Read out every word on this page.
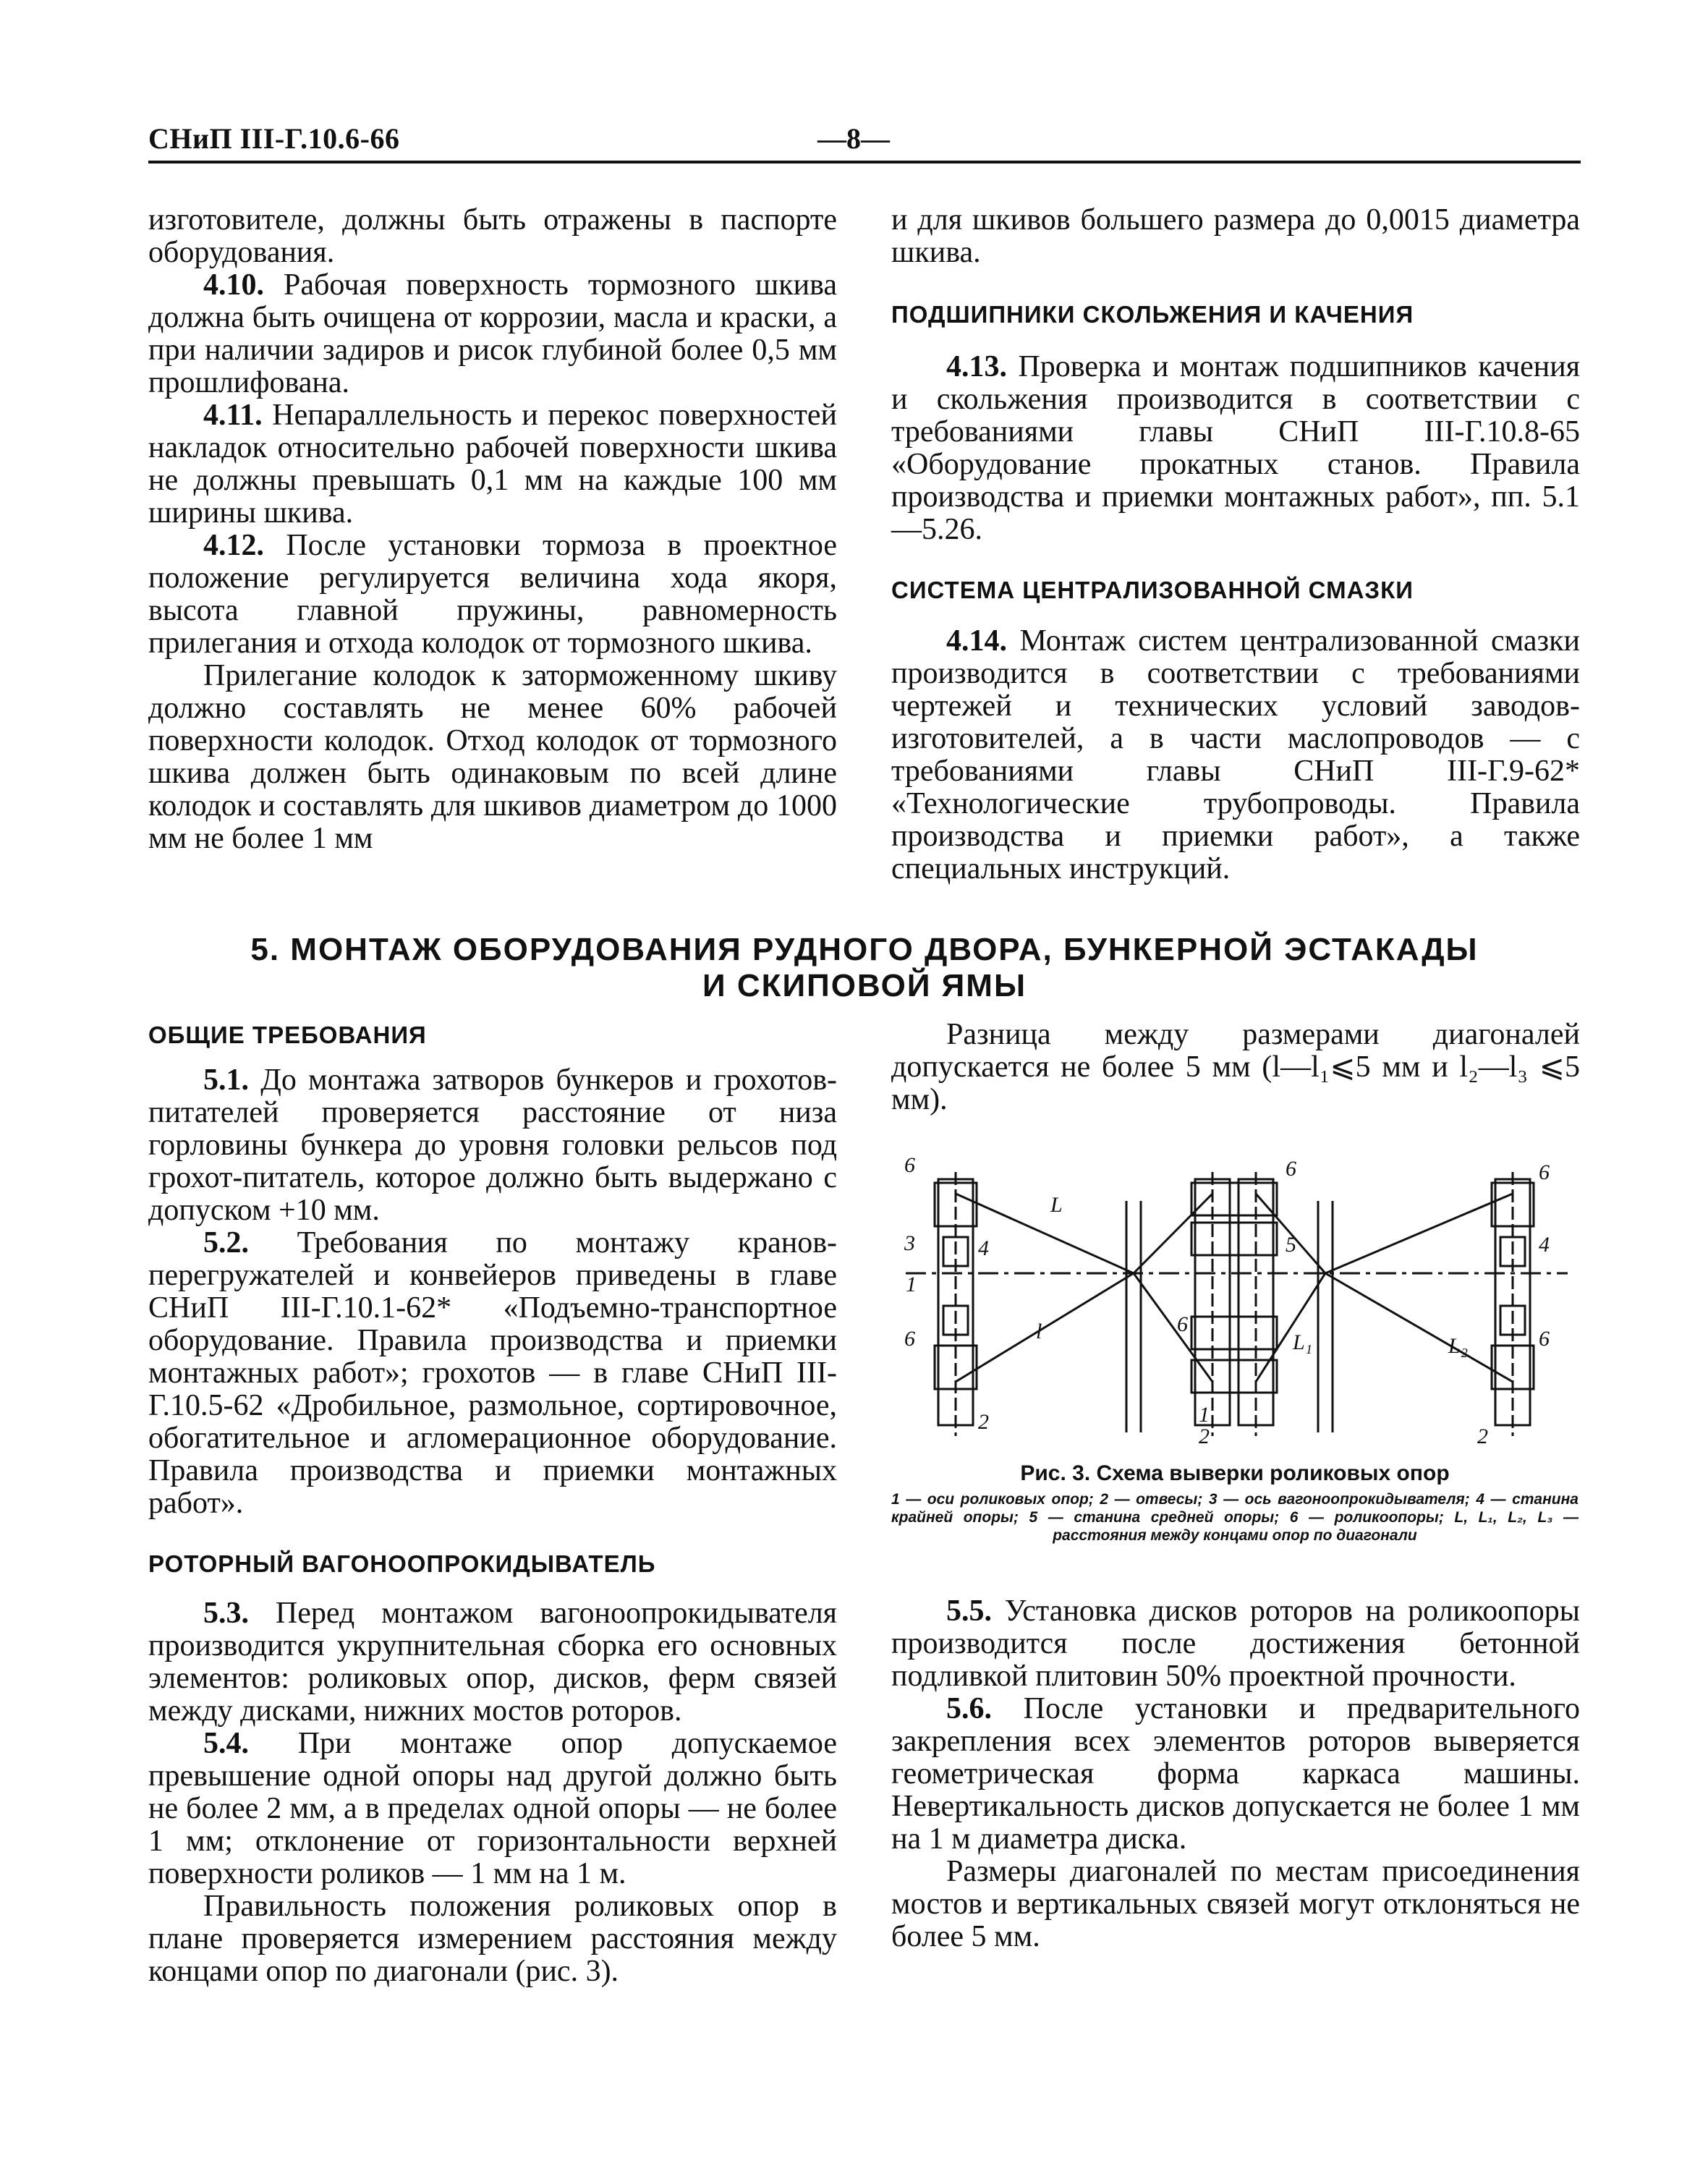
СНиП III-Г.10.6-66	—8—

изготовителе, должны быть отражены в паспорте оборудования.

4.10. Рабочая поверхность тормозного шкива должна быть очищена от коррозии, масла и краски, а при наличии задиров и рисок глубиной более 0,5 мм прошлифована.

4.11. Непараллельность и перекос поверхностей накладок относительно рабочей поверхности шкива не должны превышать 0,1 мм на каждые 100 мм ширины шкива.

4.12. После установки тормоза в проектное положение регулируется величина хода якоря, высота главной пружины, равномерность прилегания и отхода колодок от тормозного шкива.

Прилегание колодок к заторможенному шкиву должно составлять не менее 60% рабочей поверхности колодок. Отход колодок от тормозного шкива должен быть одинаковым по всей длине колодок и составлять для шкивов диаметром до 1000 мм не более 1 мм

и для шкивов большего размера до 0,0015 диаметра шкива.

ПОДШИПНИКИ СКОЛЬЖЕНИЯ И КАЧЕНИЯ

4.13. Проверка и монтаж подшипников качения и скольжения производится в соответствии с требованиями главы СНиП III-Г.10.8-65 «Оборудование прокатных станов. Правила производства и приемки монтажных работ», пп. 5.1—5.26.

СИСТЕМА ЦЕНТРАЛИЗОВАННОЙ СМАЗКИ

4.14. Монтаж систем централизованной смазки производится в соответствии с требованиями чертежей и технических условий заводов-изготовителей, а в части маслопроводов — с требованиями главы СНиП III-Г.9-62* «Технологические трубопроводы. Правила производства и приемки работ», а также специальных инструкций.

5. МОНТАЖ ОБОРУДОВАНИЯ РУДНОГО ДВОРА, БУНКЕРНОЙ ЭСТАКАДЫ
И СКИПОВОЙ ЯМЫ

ОБЩИЕ ТРЕБОВАНИЯ

5.1. До монтажа затворов бункеров и грохотов-питателей проверяется расстояние от низа горловины бункера до уровня головки рельсов под грохот-питатель, которое должно быть выдержано с допуском +10 мм.

5.2. Требования по монтажу кранов-перегружателей и конвейеров приведены в главе СНиП III-Г.10.1-62* «Подъемно-транспортное оборудование. Правила производства и приемки монтажных работ»; грохотов — в главе СНиП III-Г.10.5-62 «Дробильное, размольное, сортировочное, обогатительное и агломерационное оборудование. Правила производства и приемки монтажных работ».

РОТОРНЫЙ ВАГОНООПРОКИДЫВАТЕЛЬ

5.3. Перед монтажом вагоноопрокидывателя производится укрупнительная сборка его основных элементов: роликовых опор, дисков, ферм связей между дисками, нижних мостов роторов.

5.4. При монтаже опор допускаемое превышение одной опоры над другой должно быть не более 2 мм, а в пределах одной опоры — не более 1 мм; отклонение от горизонтальности верхней поверхности роликов — 1 мм на 1 м.

Правильность положения роликовых опор в плане проверяется измерением расстояния между концами опор по диагонали (рис. 3).

Разница между размерами диагоналей допускается не более 5 мм (l—l₁⩽5 мм и l₂—l₃ ⩽5 мм).

6
3
1
6
4
2
L
l	6
6
5
1
2
L₁	L₂
6
4
6
2

Рис. 3. Схема выверки роликовых опор

1 — оси роликовых опор; 2 — отвесы; 3 — ось вагоноопрокидывателя; 4 — станина крайней опоры; 5 — станина средней опоры; 6 — роликоопоры; L, L₁, L₂, L₃ — расстояния между концами опор по диагонали

5.5. Установка дисков роторов на роликоопоры производится после достижения бетонной подливкой плитовин 50% проектной прочности.

5.6. После установки и предварительного закрепления всех элементов роторов выверяется геометрическая форма каркаса машины. Невертикальность дисков допускается не более 1 мм на 1 м диаметра диска.

Размеры диагоналей по местам присоединения мостов и вертикальных связей могут отклоняться не более 5 мм.
